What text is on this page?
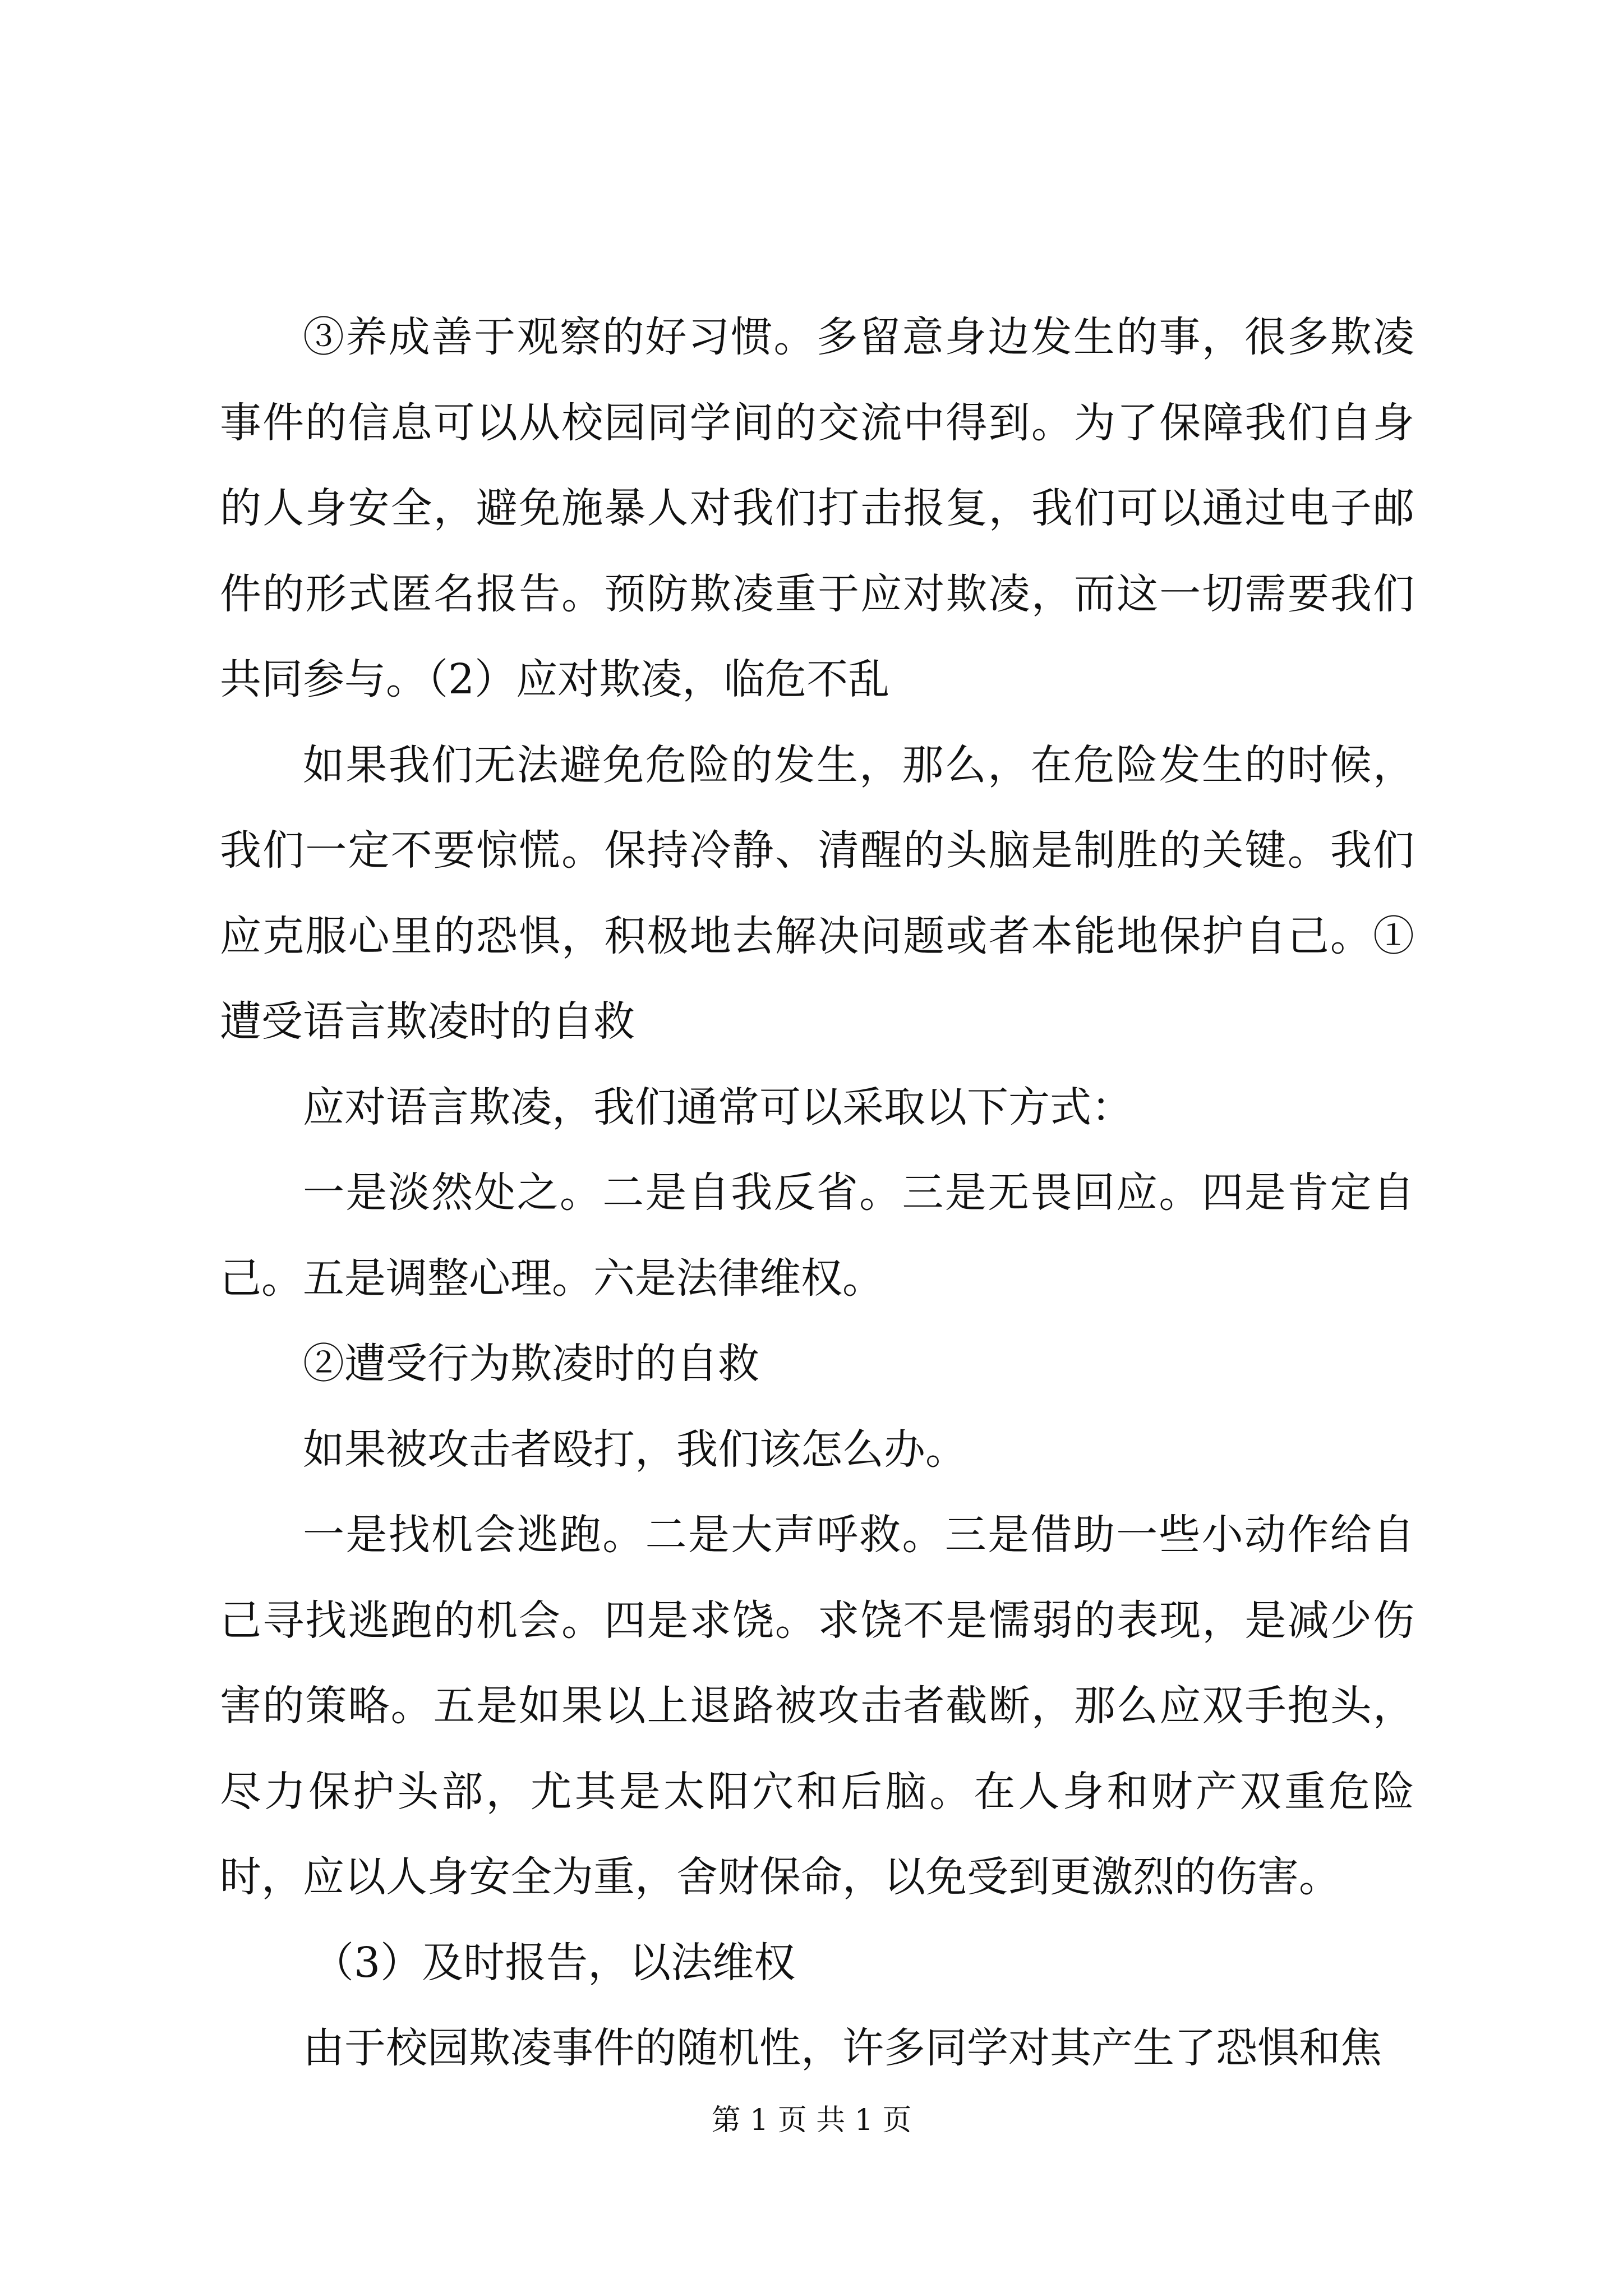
③养成善于观察的好习惯。多留意身边发生的事，很多欺凌事件的信息可以从校园同学间的交流中得到。为了保障我们自身的人身安全，避免施暴人对我们打击报复，我们可以通过电子邮件的形式匿名报告。预防欺凌重于应对欺凌，而这一切需要我们共同参与。（2）应对欺凌，临危不乱

如果我们无法避免危险的发生，那么，在危险发生的时候，我们一定不要惊慌。保持冷静、清醒的头脑是制胜的关键。我们应克服心里的恐惧，积极地去解决问题或者本能地保护自己。①遭受语言欺凌时的自救

应对语言欺凌，我们通常可以采取以下方式：

一是淡然处之。二是自我反省。三是无畏回应。四是肯定自己。五是调整心理。六是法律维权。

②遭受行为欺凌时的自救

如果被攻击者殴打，我们该怎么办。

一是找机会逃跑。二是大声呼救。三是借助一些小动作给自己寻找逃跑的机会。四是求饶。求饶不是懦弱的表现，是减少伤害的策略。五是如果以上退路被攻击者截断，那么应双手抱头，尽力保护头部，尤其是太阳穴和后脑。在人身和财产双重危险时，应以人身安全为重，舍财保命，以免受到更激烈的伤害。

（3）及时报告，以法维权

由于校园欺凌事件的随机性，许多同学对其产生了恐惧和焦

第 1 页 共 1 页
